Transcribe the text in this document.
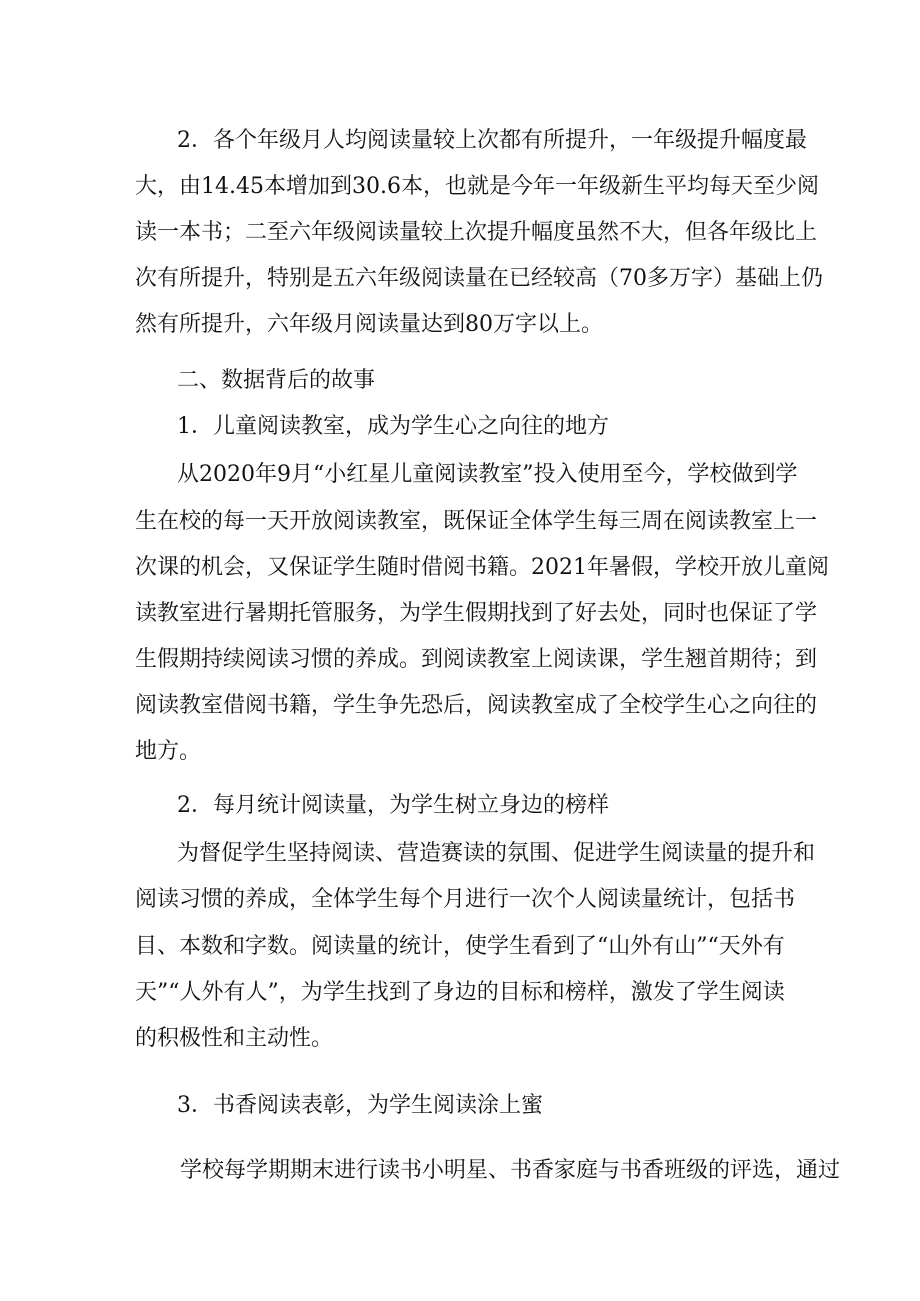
2．各个年级月人均阅读量较上次都有所提升，一年级提升幅度最
大，由14.45本增加到30.6本，也就是今年一年级新生平均每天至少阅
读一本书；二至六年级阅读量较上次提升幅度虽然不大，但各年级比上
次有所提升，特别是五六年级阅读量在已经较高（70多万字）基础上仍
然有所提升，六年级月阅读量达到80万字以上。
二、数据背后的故事
1．儿童阅读教室，成为学生心之向往的地方
从2020年9月“小红星儿童阅读教室”投入使用至今，学校做到学
生在校的每一天开放阅读教室，既保证全体学生每三周在阅读教室上一
次课的机会，又保证学生随时借阅书籍。2021年暑假，学校开放儿童阅
读教室进行暑期托管服务，为学生假期找到了好去处，同时也保证了学
生假期持续阅读习惯的养成。到阅读教室上阅读课，学生翘首期待；到
阅读教室借阅书籍，学生争先恐后，阅读教室成了全校学生心之向往的
地方。
2．每月统计阅读量，为学生树立身边的榜样
为督促学生坚持阅读、营造赛读的氛围、促进学生阅读量的提升和
阅读习惯的养成，全体学生每个月进行一次个人阅读量统计，包括书
目、本数和字数。阅读量的统计，使学生看到了“山外有山”“天外有
天”“人外有人”，为学生找到了身边的目标和榜样，激发了学生阅读
的积极性和主动性。
3．书香阅读表彰，为学生阅读涂上蜜
学校每学期期末进行读书小明星、书香家庭与书香班级的评选，通过
